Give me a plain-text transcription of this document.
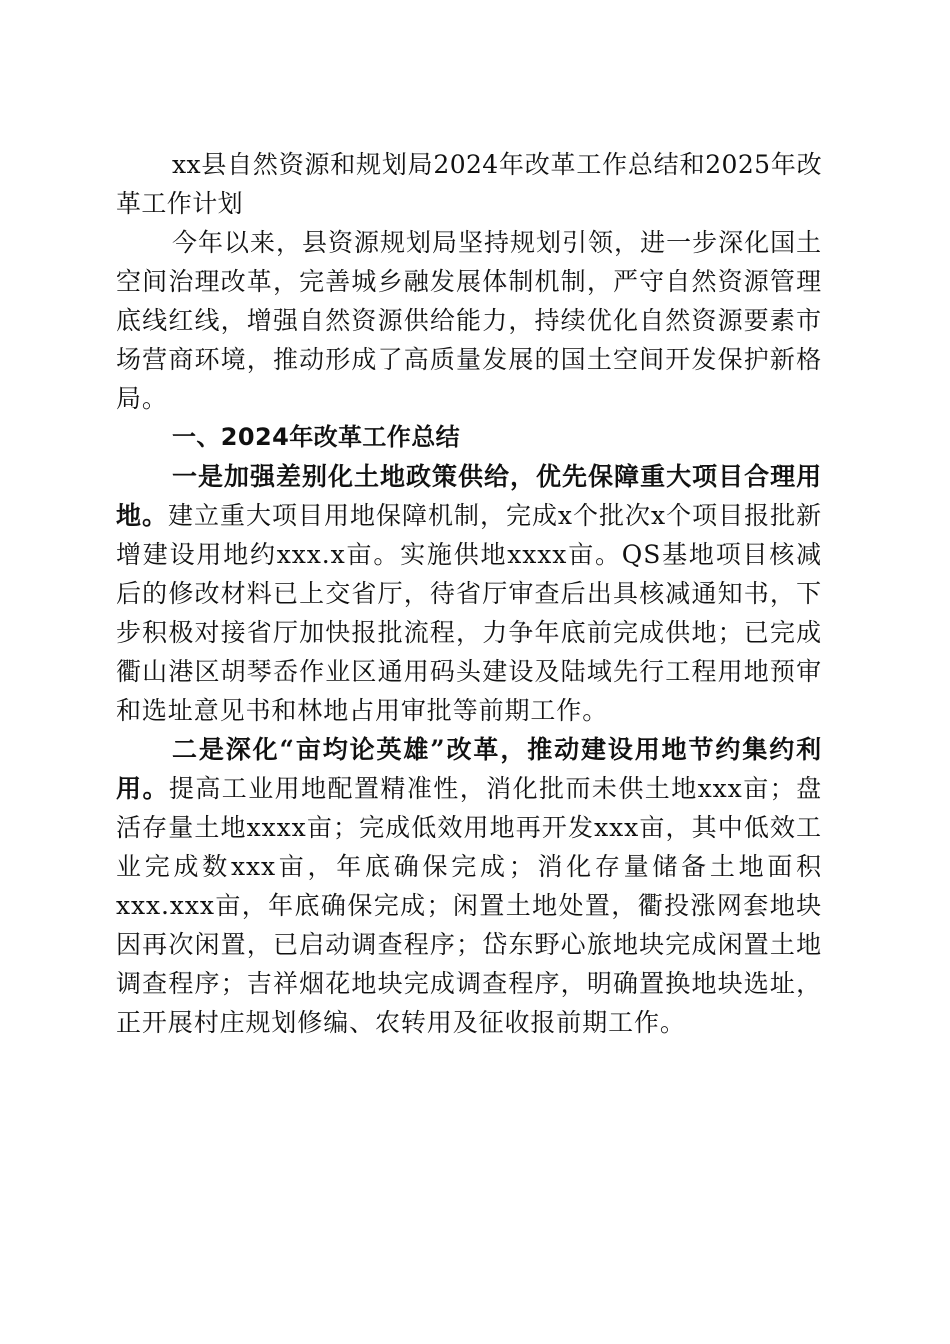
xx县自然资源和规划局2024年改革工作总结和2025年改革工作计划

今年以来，县资源规划局坚持规划引领，进一步深化国土空间治理改革，完善城乡融发展体制机制，严守自然资源管理底线红线，增强自然资源供给能力，持续优化自然资源要素市场营商环境，推动形成了高质量发展的国土空间开发保护新格局。

一、2024年改革工作总结

一是加强差别化土地政策供给，优先保障重大项目合理用地。建立重大项目用地保障机制，完成x个批次x个项目报批新增建设用地约xxx.x亩。实施供地xxxx亩。QS基地项目核减后的修改材料已上交省厅，待省厅审查后出具核减通知书，下步积极对接省厅加快报批流程，力争年底前完成供地；已完成衢山港区胡琴岙作业区通用码头建设及陆域先行工程用地预审和选址意见书和林地占用审批等前期工作。

二是深化“亩均论英雄”改革，推动建设用地节约集约利用。提高工业用地配置精准性，消化批而未供土地xxx亩；盘活存量土地xxxx亩；完成低效用地再开发xxx亩，其中低效工业完成数xxx亩，年底确保完成；消化存量储备土地面积xxx.xxx亩，年底确保完成；闲置土地处置，衢投涨网套地块因再次闲置，已启动调查程序；岱东野心旅地块完成闲置土地调查程序；吉祥烟花地块完成调查程序，明确置换地块选址，正开展村庄规划修编、农转用及征收报前期工作。
